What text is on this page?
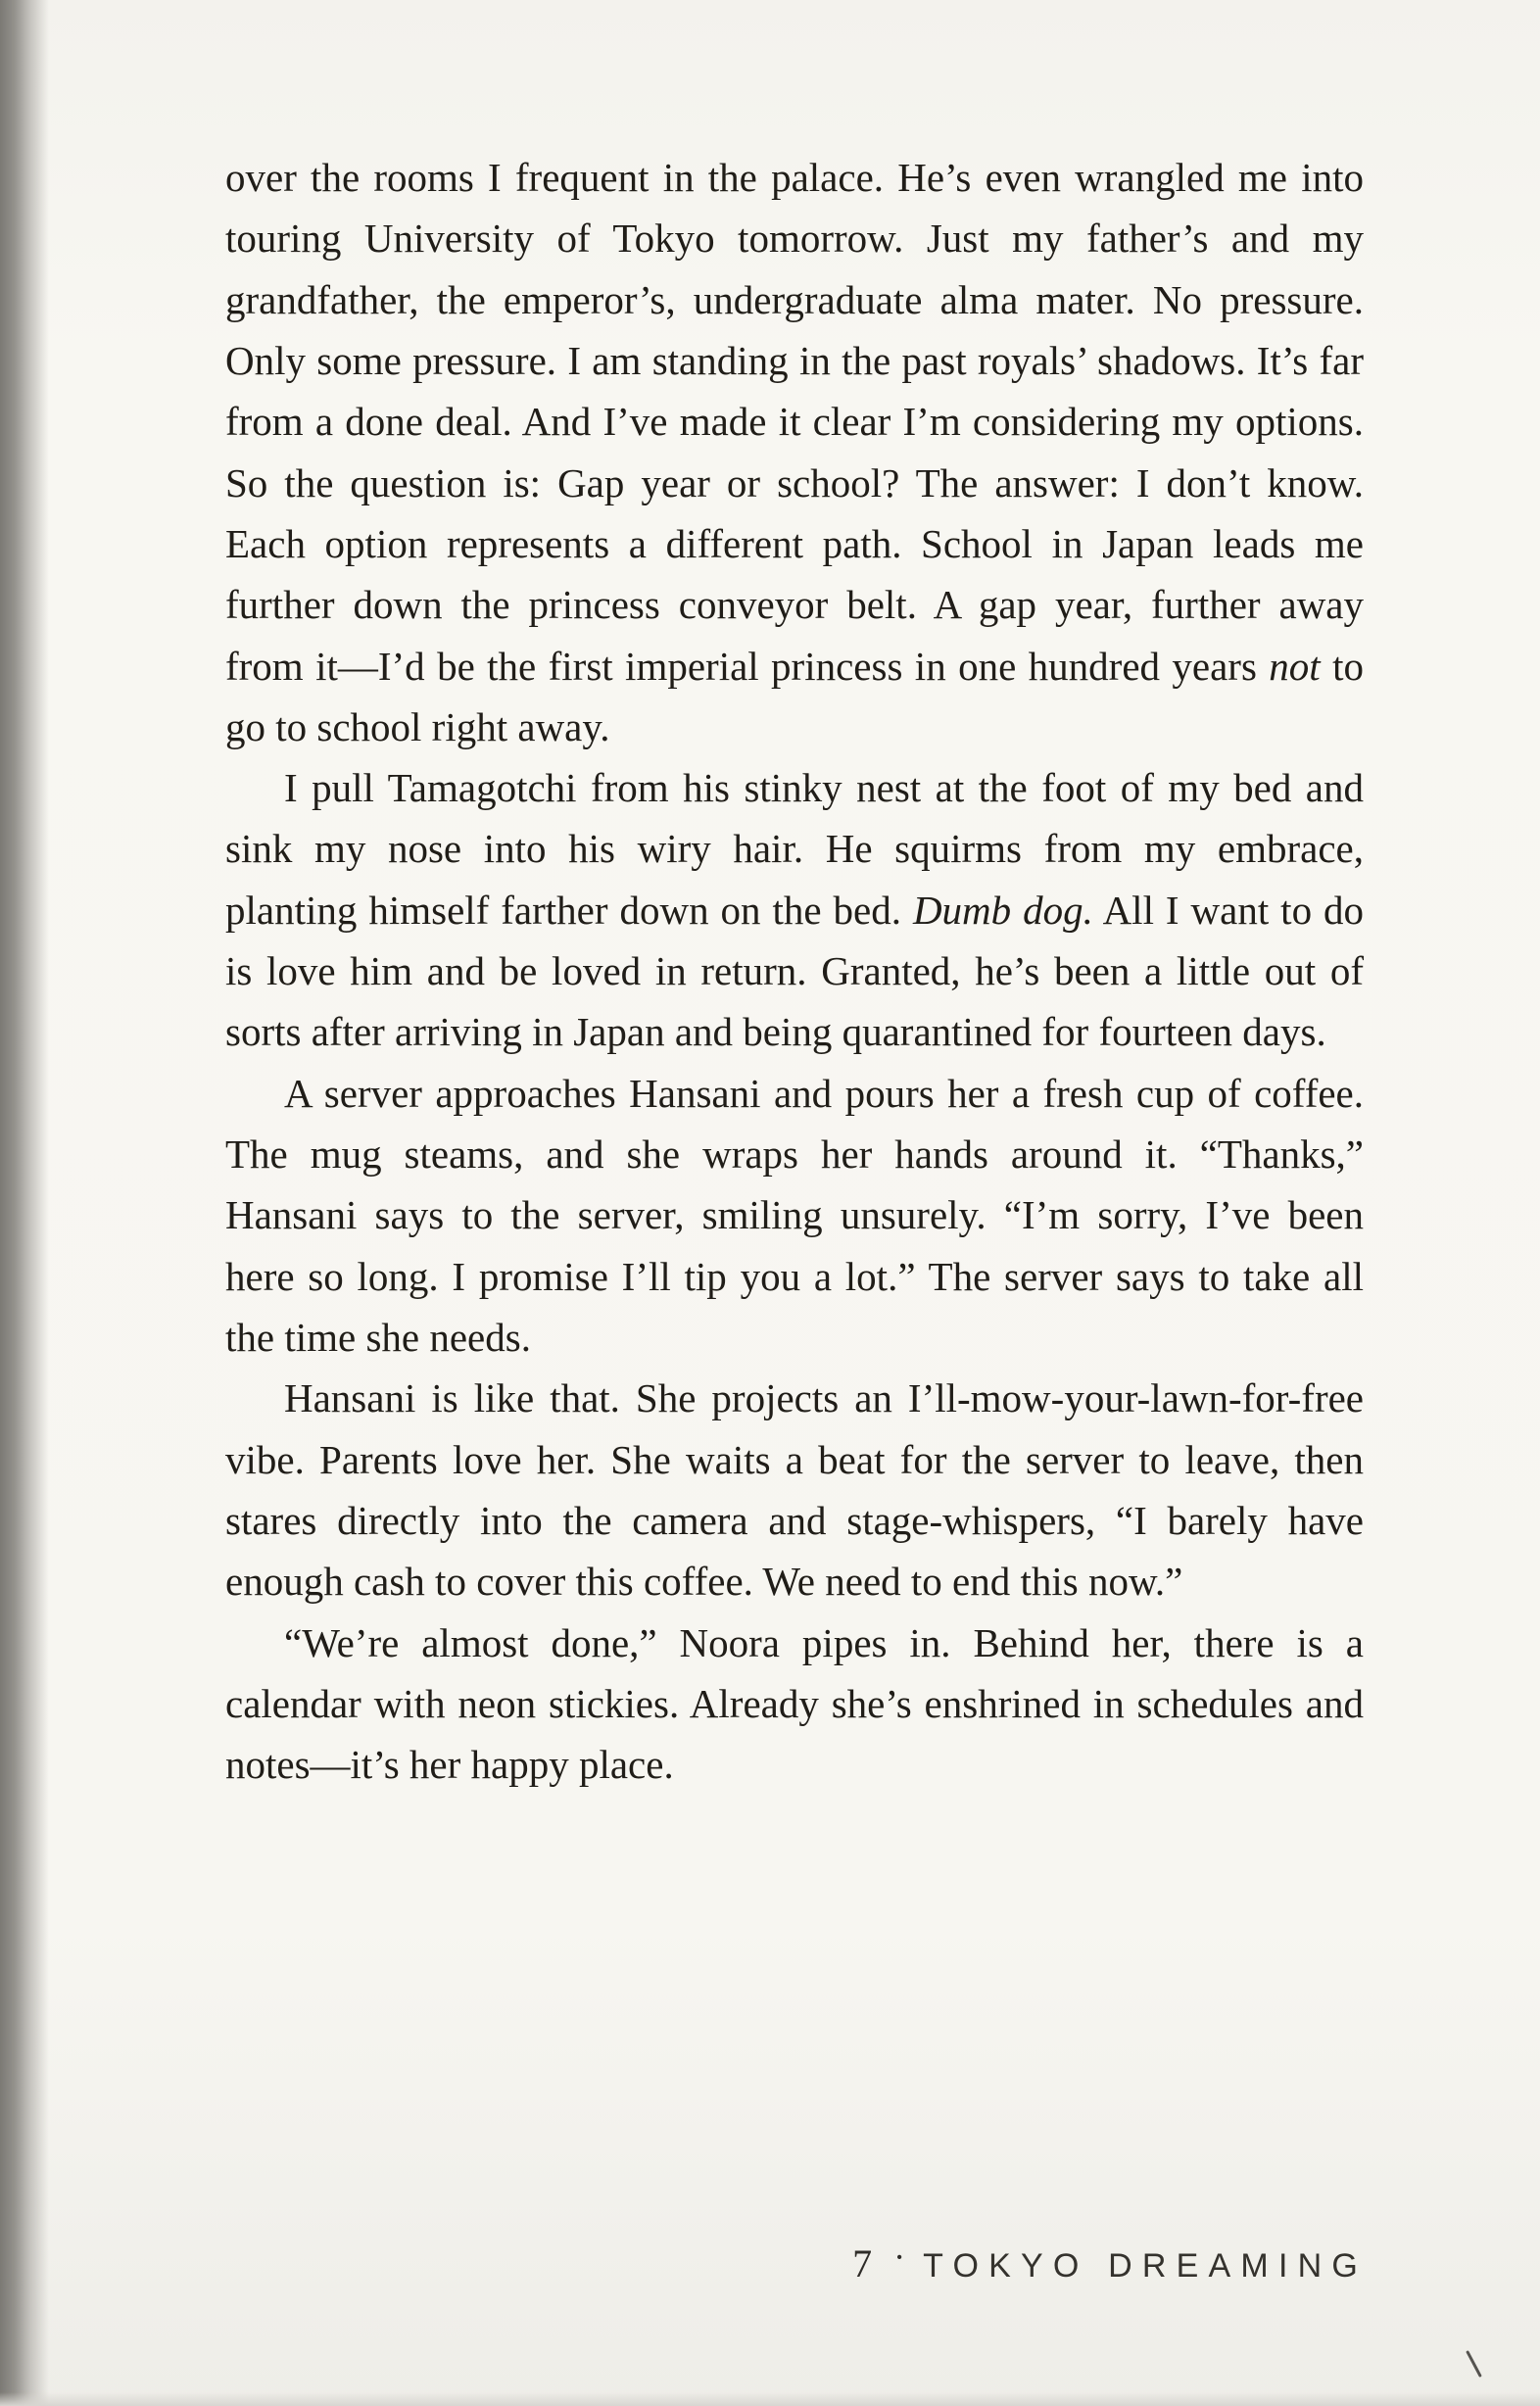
over the rooms I frequent in the palace. He’s even wrangled me into touring University of Tokyo tomorrow. Just my father’s and my grandfather, the emperor’s, undergraduate alma mater. No pressure. Only some pressure. I am standing in the past royals’ shadows. It’s far from a done deal. And I’ve made it clear I’m considering my options. So the question is: Gap year or school? The answer: I don’t know. Each option represents a different path. School in Japan leads me further down the princess conveyor belt. A gap year, further away from it—I’d be the first imperial princess in one hundred years not to go to school right away.

I pull Tamagotchi from his stinky nest at the foot of my bed and sink my nose into his wiry hair. He squirms from my embrace, planting himself farther down on the bed. Dumb dog. All I want to do is love him and be loved in return. Granted, he’s been a little out of sorts after arriving in Japan and being quarantined for fourteen days.

A server approaches Hansani and pours her a fresh cup of coffee. The mug steams, and she wraps her hands around it. “Thanks,” Hansani says to the server, smiling unsurely. “I’m sorry, I’ve been here so long. I promise I’ll tip you a lot.” The server says to take all the time she needs.

Hansani is like that. She projects an I’ll-mow-your-lawn-for-free vibe. Parents love her. She waits a beat for the server to leave, then stares directly into the camera and stage-whispers, “I barely have enough cash to cover this coffee. We need to end this now.”

“We’re almost done,” Noora pipes in. Behind her, there is a calendar with neon stickies. Already she’s enshrined in schedules and notes—it’s her happy place.

7 · TOKYO DREAMING
